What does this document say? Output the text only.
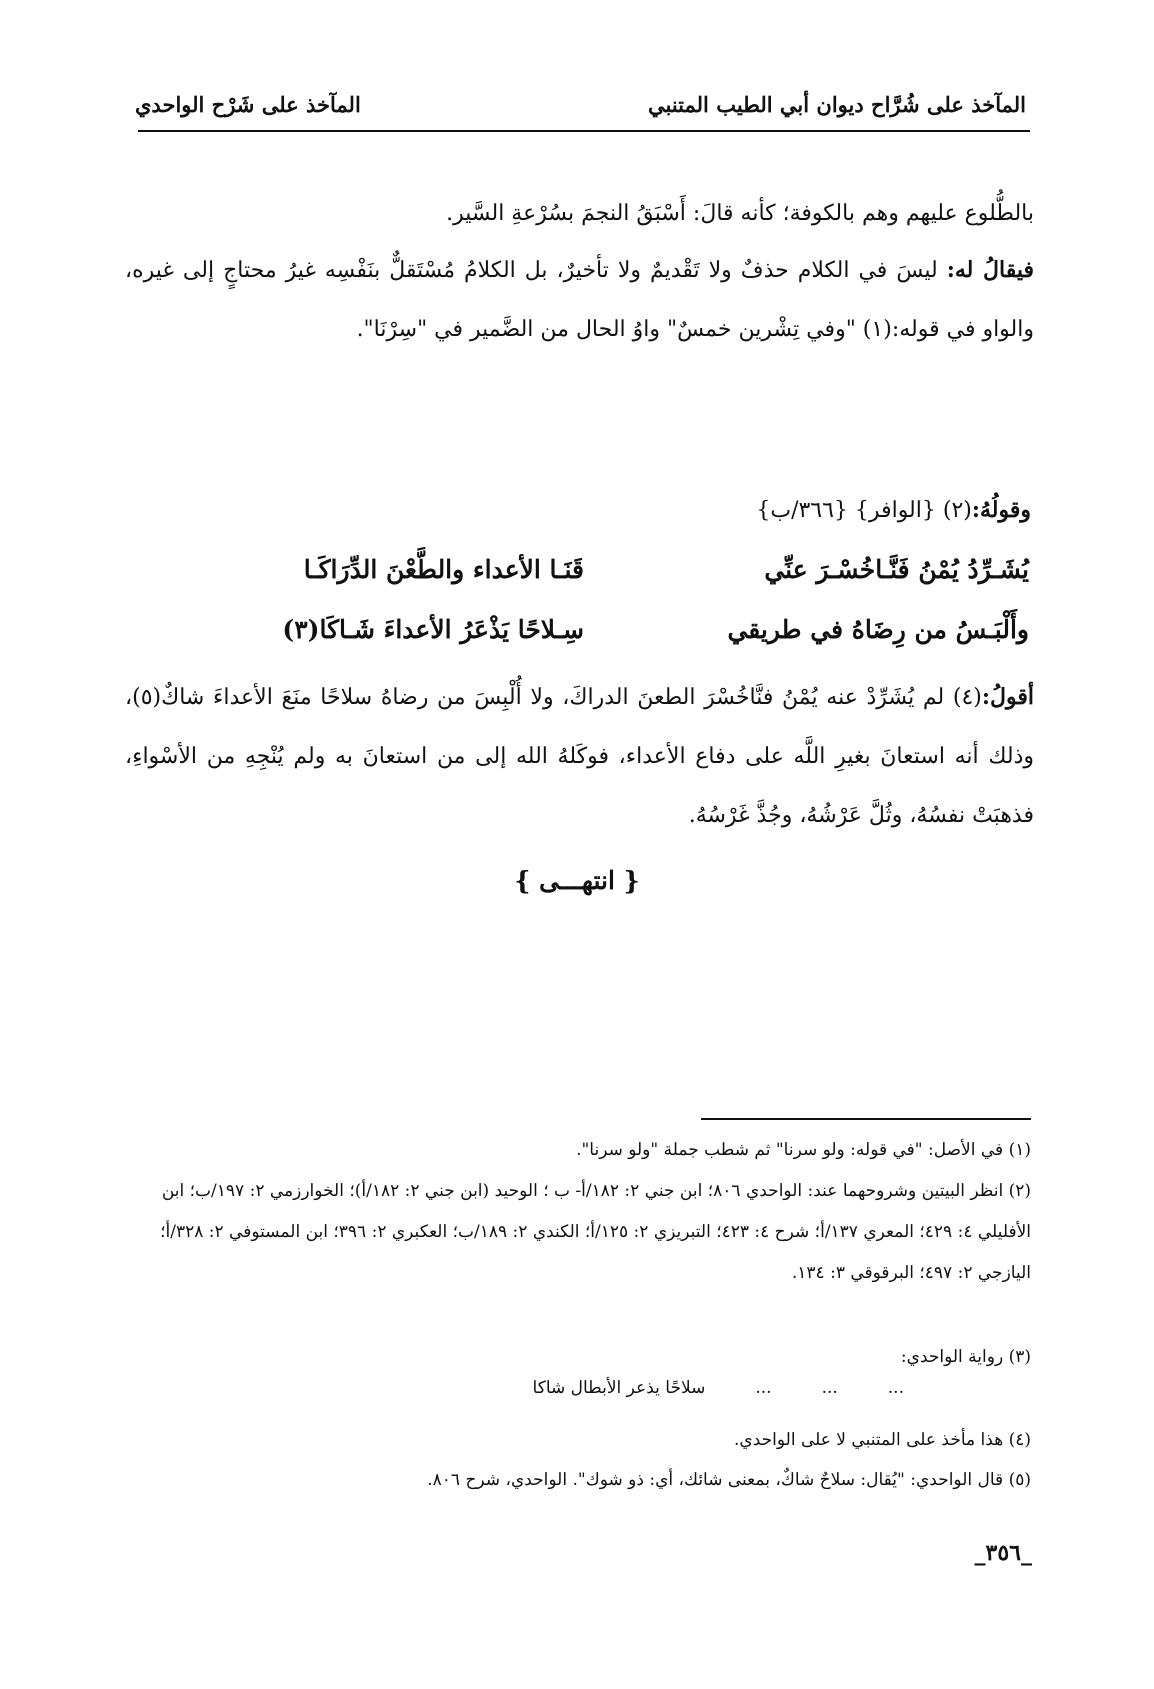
المآخذ على شُرَّاح ديوان أبي الطيب المتنبي
المآخذ على شَرْح الواحدي
بالطُّلوع عليهم وهم بالكوفة؛ كأنه قالَ: أَسْبَقُ النجمَ بسُرْعةِ السَّير.
فيقالُ له: ليسَ في الكلام حذفٌ ولا تَقْديمٌ ولا تأخيرٌ، بل الكلامُ مُسْتَقلٌّ بنَفْسِه غيرُ محتاجٍ إلى غيره، والواو في قوله:(١) "وفي تِشْرين خمسٌ" واوُ الحال من الضَّمير في "سِرْنَا".
وقولُهُ:(٢) {الوافر} {٣٦٦/ب}
يُشَـرِّدُ يُمْنُ فَنَّـاخُسْـرَ عنِّي
قَنَـا الأعداء والطَّعْنَ الدِّرَاكَـا
وأَلْبَـسُ من رِضَاهُ في طريقي
سِـلاحًا يَذْعَرُ الأعداءَ شَـاكَا(٣)
أقولُ:(٤) لم يُشَرِّدْ عنه يُمْنُ فنَّاخُسْرَ الطعنَ الدراكَ، ولا أُلْبِسَ من رضاهُ سلاحًا منَعَ الأعداءَ شاكٌ(٥)، وذلك أنه استعانَ بغيرِ اللَّه على دفاع الأعداء، فوكَلهُ الله إلى من استعانَ به ولم يُنْجِهِ من الأسْواءِ، فذهبَتْ نفسُهُ، وثُلَّ عَرْشُهُ، وجُذَّ غَرْسُهُ.
{ انتهـــى }
(١) في الأصل: "في قوله: ولو سرنا" ثم شطب جملة "ولو سرنا".
(٢) انظر البيتين وشروحهما عند: الواحدي ٨٠٦؛ ابن جني ٢: ١٨٢/أ- ب ؛ الوحيد (ابن جني ٢: ١٨٢/أ)؛ الخوارزمي ٢: ١٩٧/ب؛ ابن الأفليلي ٤: ٤٢٩؛ المعري ١٣٧/أ؛ شرح ٤: ٤٢٣؛ التبريزي ٢: ١٢٥/أ؛ الكندي ٢: ١٨٩/ب؛ العكبري ٢: ٣٩٦؛ ابن المستوفي ٢: ٣٢٨/أ؛ اليازجي ٢: ٤٩٧؛ البرقوقي ٣: ١٣٤.
(٣) رواية الواحدي:
.........سلاحًا يذعر الأبطال شاكا
(٤) هذا مأخذ على المتنبي لا على الواحدي.
(٥) قال الواحدي: "يُقال: سلاحٌ شاكٌ، بمعنى شائك، أي: ذو شوك". الواحدي، شرح ٨٠٦.
_٣٥٦_
